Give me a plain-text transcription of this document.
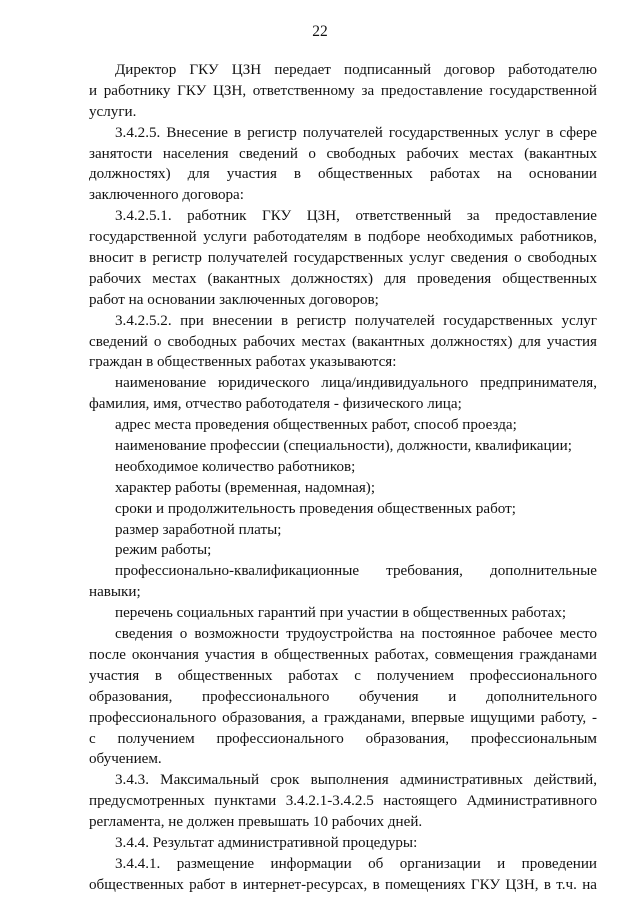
22
Директор ГКУ ЦЗН передает подписанный договор работодателю
и работнику ГКУ ЦЗН, ответственному за предоставление государственной
услуги.
3.4.2.5. Внесение в регистр получателей государственных услуг в сфере
занятости населения сведений о свободных рабочих местах (вакантных
должностях) для участия в общественных работах на основании
заключенного договора:
3.4.2.5.1. работник ГКУ ЦЗН, ответственный за предоставление
государственной услуги работодателям в подборе необходимых работников,
вносит в регистр получателей государственных услуг сведения о свободных
рабочих местах (вакантных должностях) для проведения общественных
работ на основании заключенных договоров;
3.4.2.5.2. при внесении в регистр получателей государственных услуг
сведений о свободных рабочих местах (вакантных должностях) для участия
граждан в общественных работах указываются:
наименование юридического лица/индивидуального предпринимателя,
фамилия, имя, отчество работодателя - физического лица;
адрес места проведения общественных работ, способ проезда;
наименование профессии (специальности), должности, квалификации;
необходимое количество работников;
характер работы (временная, надомная);
сроки и продолжительность проведения общественных работ;
размер заработной платы;
режим работы;
профессионально-квалификационные требования, дополнительные
навыки;
перечень социальных гарантий при участии в общественных работах;
сведения о возможности трудоустройства на постоянное рабочее место
после окончания участия в общественных работах, совмещения гражданами
участия в общественных работах с получением профессионального
образования, профессионального обучения и дополнительного
профессионального образования, а гражданами, впервые ищущими работу, -
с получением профессионального образования, профессиональным
обучением.
3.4.3. Максимальный срок выполнения административных действий,
предусмотренных пунктами 3.4.2.1-3.4.2.5 настоящего Административного
регламента, не должен превышать 10 рабочих дней.
3.4.4. Результат административной процедуры:
3.4.4.1. размещение информации об организации и проведении
общественных работ в интернет-ресурсах, в помещениях ГКУ ЦЗН, в т.ч. на
